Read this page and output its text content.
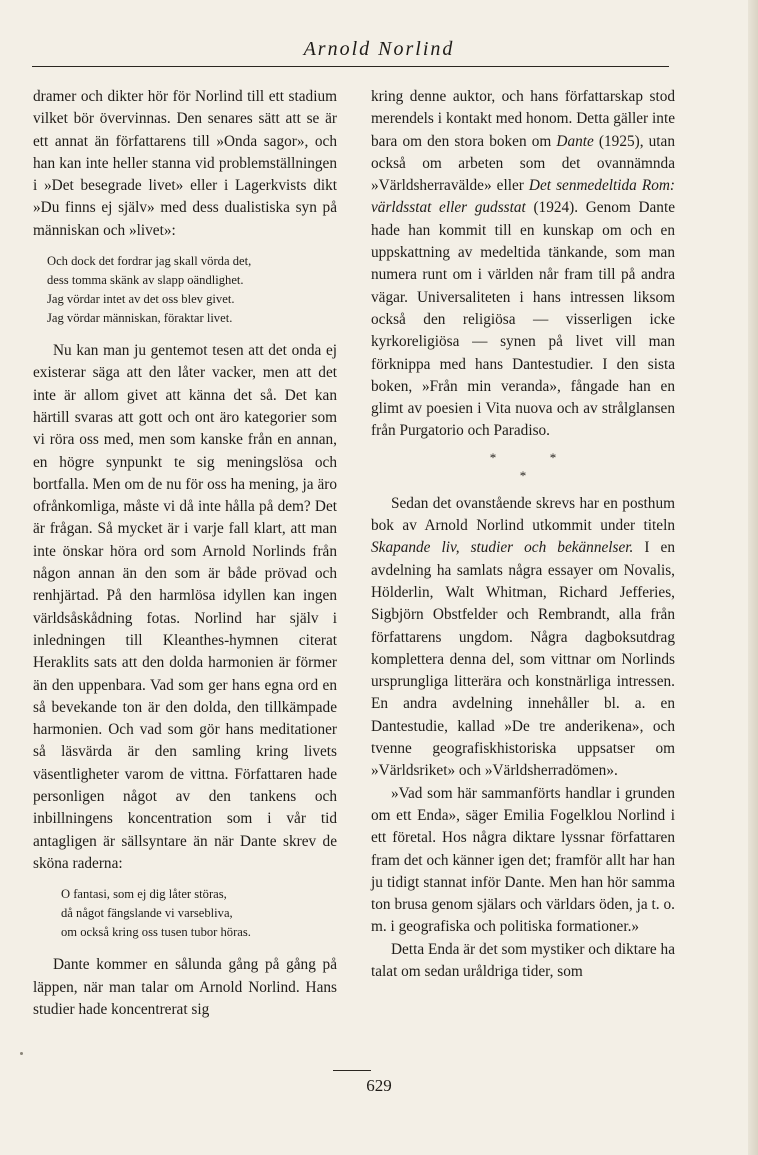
Arnold Norlind

dramer och dikter hör för Norlind till ett stadium vilket bör övervinnas. Den senares sätt att se är ett annat än författarens till »Onda sagor», och han kan inte heller stanna vid problemställningen i »Det besegrade livet» eller i Lagerkvists dikt »Du finns ej själv» med dess dualistiska syn på människan och »livet»:

Och dock det fordrar jag skall vörda det,
dess tomma skänk av slapp oändlighet.
Jag vördar intet av det oss blev givet.
Jag vördar människan, föraktar livet.

Nu kan man ju gentemot tesen att det onda ej existerar säga att den låter vacker, men att det inte är allom givet att känna det så. Det kan härtill svaras att gott och ont äro kategorier som vi röra oss med, men som kanske från en annan, en högre synpunkt te sig meningslösa och bortfalla. Men om de nu för oss ha mening, ja äro ofrånkomliga, måste vi då inte hålla på dem? Det är frågan. Så mycket är i varje fall klart, att man inte önskar höra ord som Arnold Norlinds från någon annan än den som är både prövad och renhjärtad. På den harmlösa idyllen kan ingen världsåskådning fotas. Norlind har själv i inledningen till Kleanthes-hymnen citerat Heraklits sats att den dolda harmonien är förmer än den uppenbara. Vad som ger hans egna ord en så bevekande ton är den dolda, den tillkämpade harmonien. Och vad som gör hans meditationer så läsvärda är den samling kring livets väsentligheter varom de vittna. Författaren hade personligen något av den tankens och inbillningens koncentration som i vår tid antagligen är sällsyntare än när Dante skrev de sköna raderna:

O fantasi, som ej dig låter störas,
då något fängslande vi varsebliva,
om också kring oss tusen tubor höras.

Dante kommer en sålunda gång på gång på läppen, när man talar om Arnold Norlind. Hans studier hade koncentrerat sig

kring denne auktor, och hans författarskap stod merendels i kontakt med honom. Detta gäller inte bara om den stora boken om Dante (1925), utan också om arbeten som det ovannämnda »Världsherravälde» eller Det senmedeltida Rom: världsstat eller gudsstat (1924). Genom Dante hade han kommit till en kunskap om och en uppskattning av medeltida tänkande, som man numera runt om i världen når fram till på andra vägar. Universaliteten i hans intressen liksom också den religiösa — visserligen icke kyrkoreligiösa — synen på livet vill man förknippa med hans Dantestudier. I den sista boken, »Från min veranda», fångade han en glimt av poesien i Vita nuova och av strålglansen från Purgatorio och Paradiso.

*	*
*

Sedan det ovanstående skrevs har en posthum bok av Arnold Norlind utkommit under titeln Skapande liv, studier och bekännelser. I en avdelning ha samlats några essayer om Novalis, Hölderlin, Walt Whitman, Richard Jefferies, Sigbjörn Obstfelder och Rembrandt, alla från författarens ungdom. Några dagboksutdrag komplettera denna del, som vittnar om Norlinds ursprungliga litterära och konstnärliga intressen. En andra avdelning innehåller bl. a. en Dantestudie, kallad »De tre anderikena», och tvenne geografiskhistoriska uppsatser om »Världsriket» och »Världsherradömen».

»Vad som här sammanförts handlar i grunden om ett Enda», säger Emilia Fogelklou Norlind i ett företal. Hos några diktare lyssnar författaren fram det och känner igen det; framför allt har han ju tidigt stannat inför Dante. Men han hör samma ton brusa genom själars och världars öden, ja t. o. m. i geografiska och politiska formationer.»

Detta Enda är det som mystiker och diktare ha talat om sedan uråldriga tider, som

629
